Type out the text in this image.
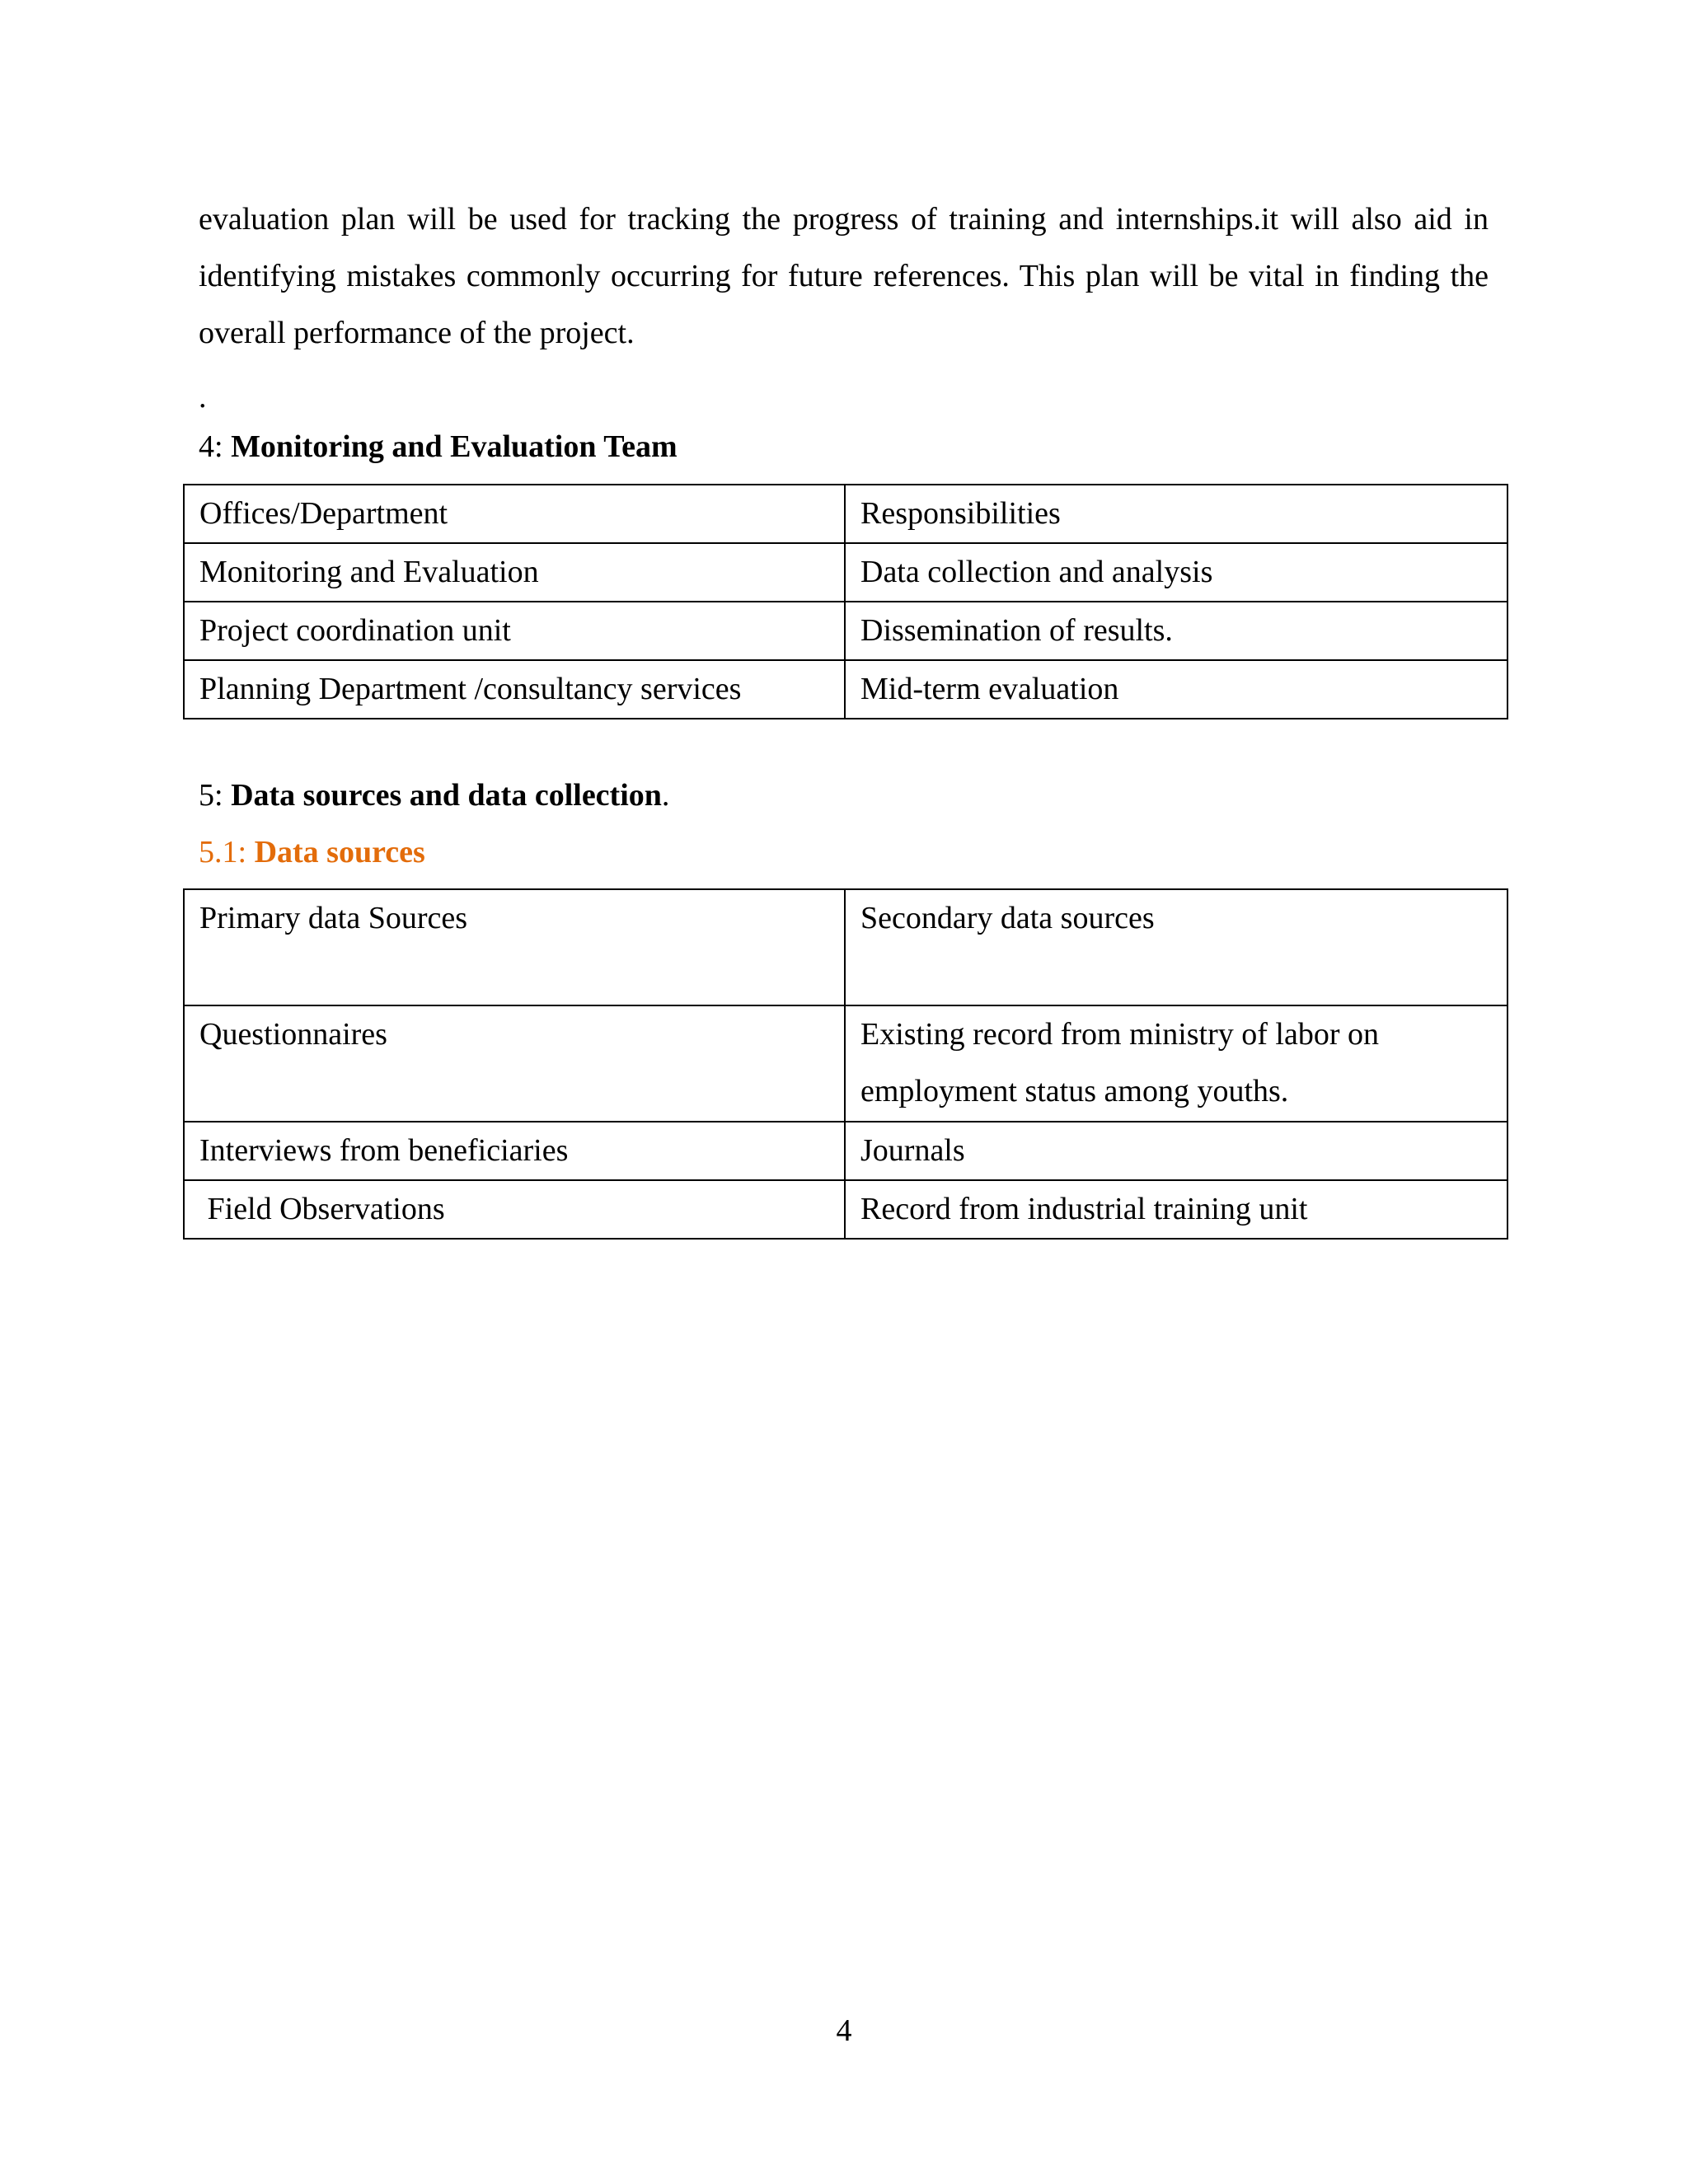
evaluation plan will be used for tracking the progress of training and internships.it will also aid in identifying mistakes commonly occurring for future references. This plan will be vital in finding the overall performance of the project.

.

4: Monitoring and Evaluation Team
Offices/Department	Responsibilities
Monitoring and Evaluation	Data collection and analysis
Project coordination unit	Dissemination of results.
Planning Department /consultancy services	Mid-term evaluation
5: Data sources and data collection.
5.1: Data sources
Primary data Sources	Secondary data sources
Questionnaires	Existing record from ministry of labor on employment status among youths.
Interviews from beneficiaries	Journals
Field Observations	Record from industrial training unit

4
